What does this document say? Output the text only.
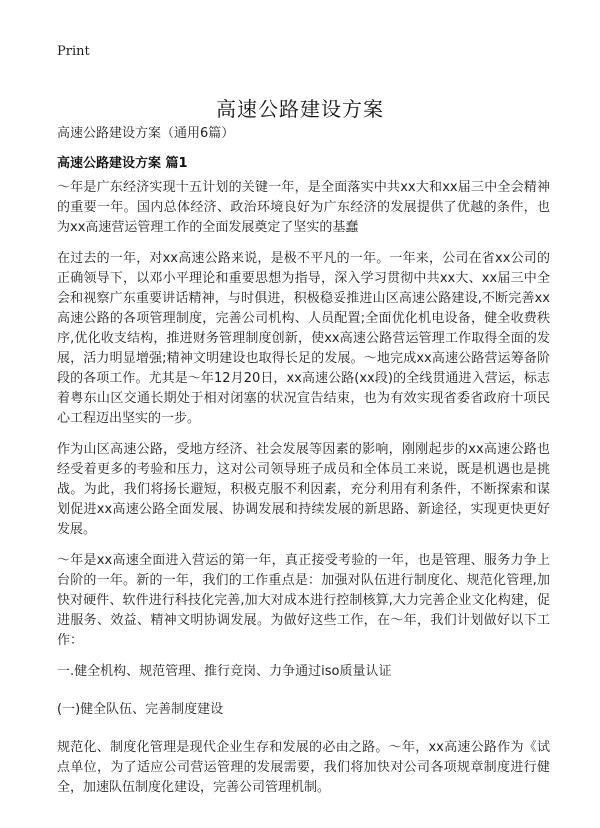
Print
高速公路建设方案
高速公路建设方案（通用6篇）
高速公路建设方案 篇1

～年是广东经济实现十五计划的关键一年，是全面落实中共xx大和xx届三中全会精神的重要一年。国内总体经济、政治环境良好为广东经济的发展提供了优越的条件，也为xx高速营运管理工作的全面发展奠定了坚实的基蠢

在过去的一年，对xx高速公路来说，是极不平凡的一年。一年来，公司在省xx公司的正确领导下，以邓小平理论和重要思想为指导，深入学习贯彻中共xx大、xx届三中全会和视察广东重要讲话精神，与时俱进，积极稳妥推进山区高速公路建设,不断完善xx高速公路的各项管理制度，完善公司机构、人员配置;全面优化机电设备，健全收费秩序,优化收支结构，推进财务管理制度创新，使xx高速公路营运管理工作取得全面的发展，活力明显增强;精神文明建设也取得长足的发展。～地完成xx高速公路营运筹备阶段的各项工作。尤其是～年12月20日，xx高速公路(xx段)的全线贯通进入营运，标志着粤东山区交通长期处于相对闭塞的状况宣告结束，也为有效实现省委省政府十项民心工程迈出坚实的一步。

作为山区高速公路，受地方经济、社会发展等因素的影响，刚刚起步的xx高速公路也经受着更多的考验和压力，这对公司领导班子成员和全体员工来说，既是机遇也是挑战。为此，我们将扬长避短，积极克服不利因素，充分利用有利条件，不断探索和谋划促进xx高速公路全面发展、协调发展和持续发展的新思路、新途径，实现更快更好发展。

～年是xx高速全面进入营运的第一年，真正接受考验的一年，也是管理、服务力争上台阶的一年。新的一年，我们的工作重点是：加强对队伍进行制度化、规范化管理,加快对硬件、软件进行科技化完善,加大对成本进行控制核算,大力完善企业文化构建，促进服务、效益、精神文明协调发展。为做好这些工作，在～年，我们计划做好以下工作：

一.健全机构、规范管理、推行竞岗、力争通过iso质量认证
(一)健全队伍、完善制度建设

规范化、制度化管理是现代企业生存和发展的必由之路。～年，xx高速公路作为《试点单位，为了适应公司营运管理的发展需要，我们将加快对公司各项规章制度进行健全，加速队伍制度化建设，完善公司管理机制。
